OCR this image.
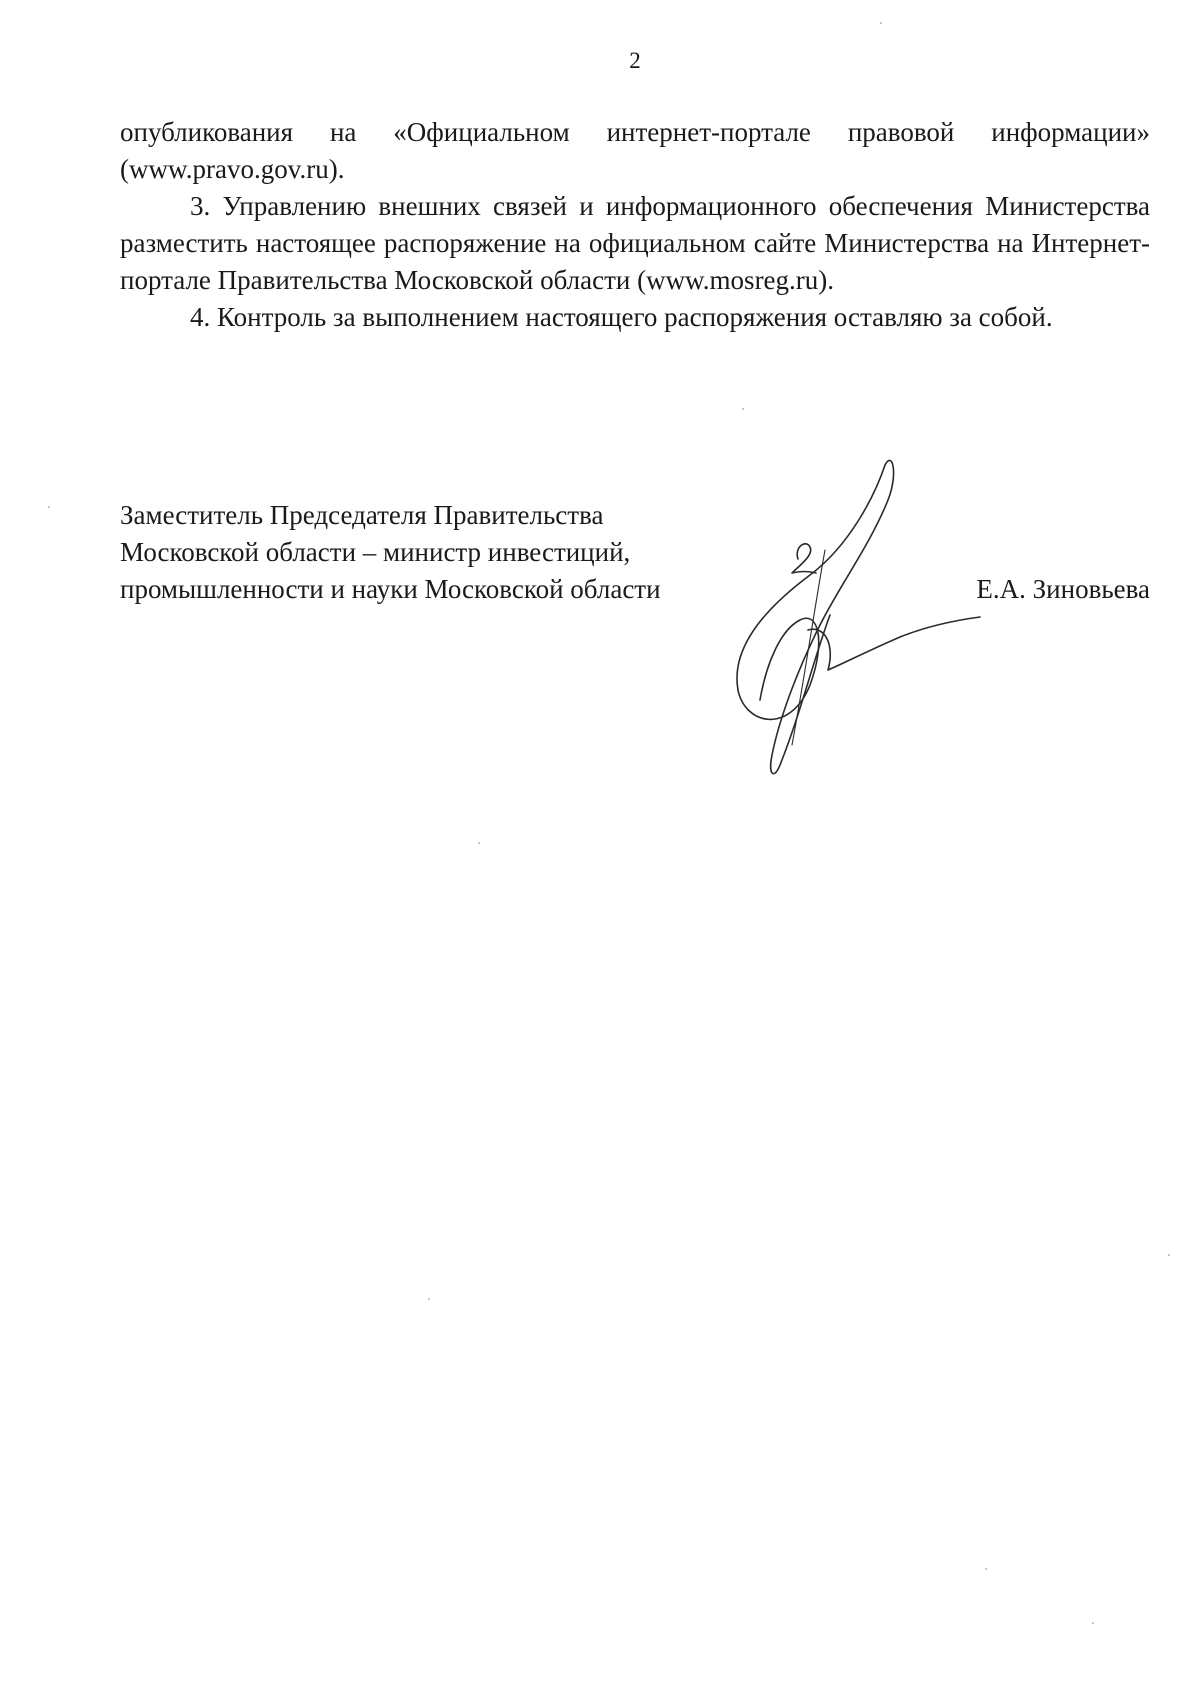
2

опубликования на «Официальном интернет-портале правовой информации» (www.pravo.gov.ru).

3. Управлению внешних связей и информационного обеспечения Министерства разместить настоящее распоряжение на официальном сайте Министерства на Интернет-портале Правительства Московской области (www.mosreg.ru).

4. Контроль за выполнением настоящего распоряжения оставляю за собой.

Заместитель Председателя Правительства
Московской области – министр инвестиций,
промышленности и науки Московской области	Е.А. Зиновьева
